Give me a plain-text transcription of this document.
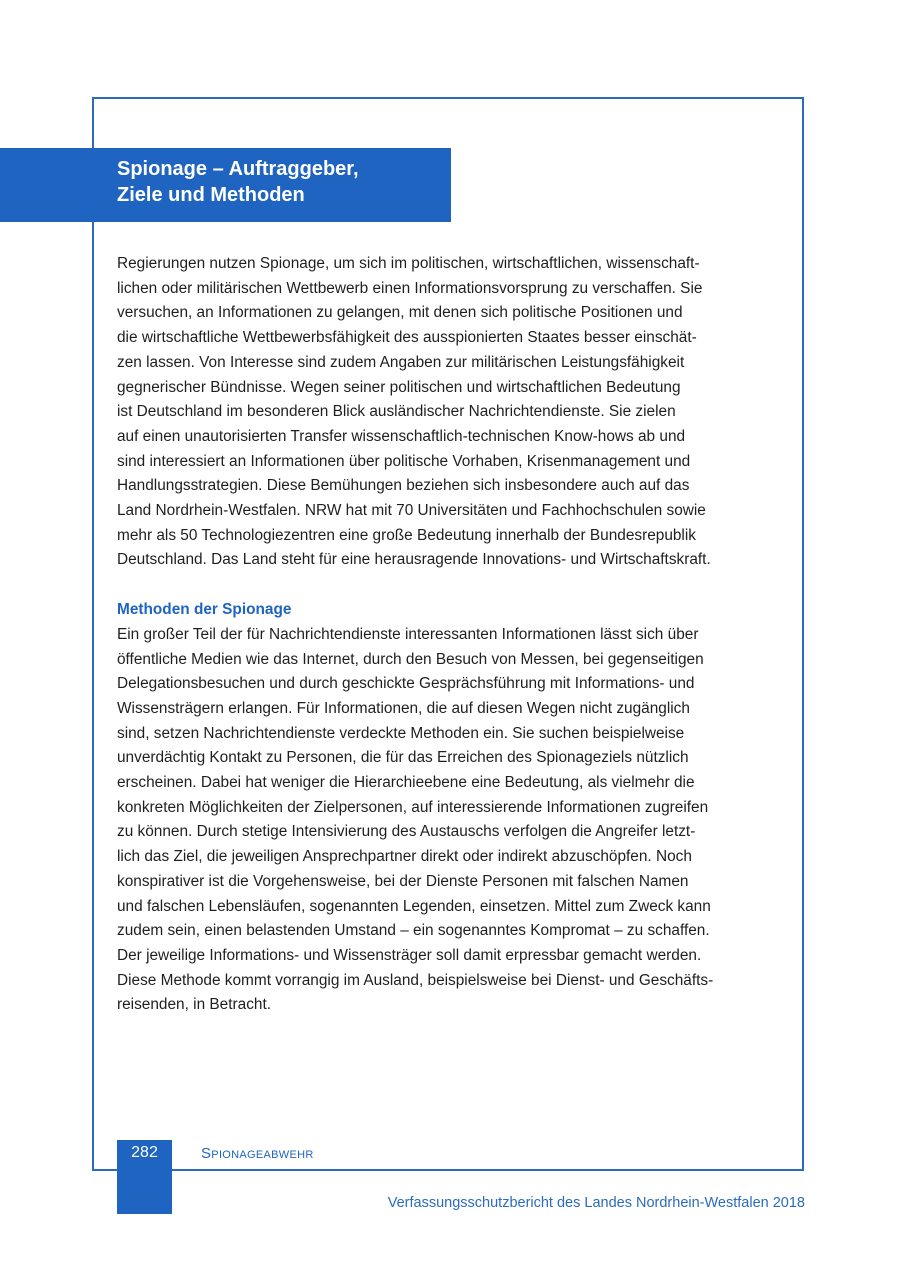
Spionage – Auftraggeber,
Ziele und Methoden
Regierungen nutzen Spionage, um sich im politischen, wirtschaftlichen, wissenschaft-
lichen oder militärischen Wettbewerb einen Informationsvorsprung zu verschaffen. Sie
versuchen, an Informationen zu gelangen, mit denen sich politische Positionen und
die wirtschaftliche Wettbewerbsfähigkeit des ausspionierten Staates besser einschät-
zen lassen. Von Interesse sind zudem Angaben zur militärischen Leistungsfähigkeit
gegnerischer Bündnisse. Wegen seiner politischen und wirtschaftlichen Bedeutung
ist Deutschland im besonderen Blick ausländischer Nachrichtendienste. Sie zielen
auf einen unautorisierten Transfer wissenschaftlich-technischen Know-hows ab und
sind interessiert an Informationen über politische Vorhaben, Krisenmanagement und
Handlungsstrategien. Diese Bemühungen beziehen sich insbesondere auch auf das
Land Nordrhein-Westfalen. NRW hat mit 70 Universitäten und Fachhochschulen sowie
mehr als 50 Technologiezentren eine große Bedeutung innerhalb der Bundesrepublik
Deutschland. Das Land steht für eine herausragende Innovations- und Wirtschaftskraft.
Methoden der Spionage
Ein großer Teil der für Nachrichtendienste interessanten Informationen lässt sich über
öffentliche Medien wie das Internet, durch den Besuch von Messen, bei gegenseitigen
Delegationsbesuchen und durch geschickte Gesprächsführung mit Informations- und
Wissensträgern erlangen. Für Informationen, die auf diesen Wegen nicht zugänglich
sind, setzen Nachrichtendienste verdeckte Methoden ein. Sie suchen beispielweise
unverdächtig Kontakt zu Personen, die für das Erreichen des Spionageziels nützlich
erscheinen. Dabei hat weniger die Hierarchieebene eine Bedeutung, als vielmehr die
konkreten Möglichkeiten der Zielpersonen, auf interessierende Informationen zugreifen
zu können. Durch stetige Intensivierung des Austauschs verfolgen die Angreifer letzt-
lich das Ziel, die jeweiligen Ansprechpartner direkt oder indirekt abzuschöpfen. Noch
konspirativer ist die Vorgehensweise, bei der Dienste Personen mit falschen Namen
und falschen Lebensläufen, sogenannten Legenden, einsetzen. Mittel zum Zweck kann
zudem sein, einen belastenden Umstand – ein sogenanntes Kompromat – zu schaffen.
Der jeweilige Informations- und Wissensträger soll damit erpressbar gemacht werden.
Diese Methode kommt vorrangig im Ausland, beispielsweise bei Dienst- und Geschäfts-
reisenden, in Betracht.
282	Spionageabwehr
Verfassungsschutzbericht des Landes Nordrhein-Westfalen 2018
